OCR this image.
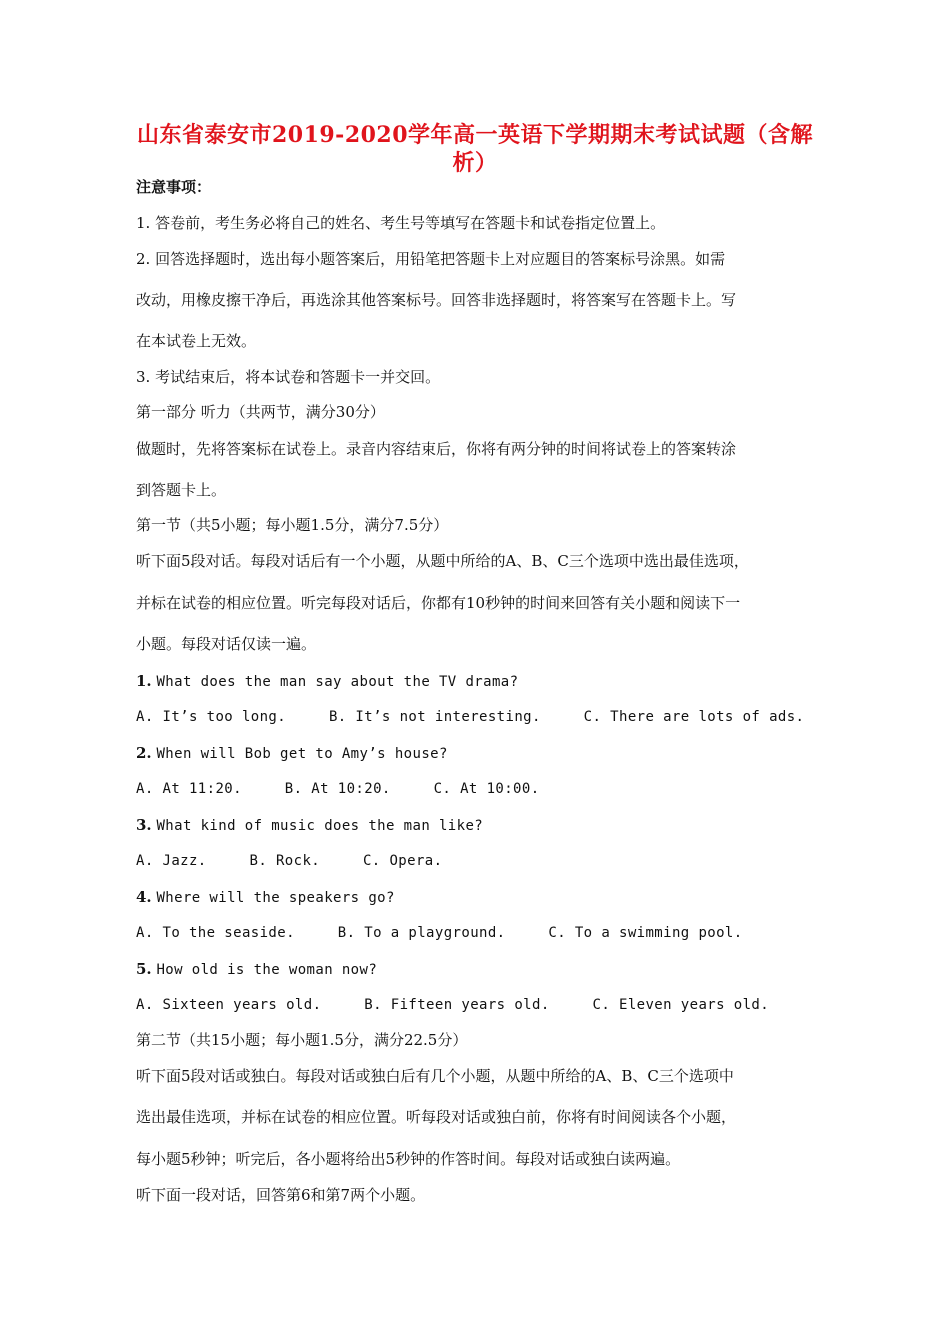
山东省泰安市2019-2020学年高一英语下学期期末考试试题（含解
析）
注意事项：
1. 答卷前，考生务必将自己的姓名、考生号等填写在答题卡和试卷指定位置上。
2. 回答选择题时，选出每小题答案后，用铅笔把答题卡上对应题目的答案标号涂黑。如需
改动，用橡皮擦干净后，再选涂其他答案标号。回答非选择题时，将答案写在答题卡上。写
在本试卷上无效。
3. 考试结束后，将本试卷和答题卡一并交回。
第一部分 听力（共两节，满分30分）
做题时，先将答案标在试卷上。录音内容结束后，你将有两分钟的时间将试卷上的答案转涂
到答题卡上。
第一节（共5小题；每小题1.5分，满分7.5分）
听下面5段对话。每段对话后有一个小题，从题中所给的A、B、C三个选项中选出最佳选项，
并标在试卷的相应位置。听完每段对话后，你都有10秒钟的时间来回答有关小题和阅读下一
小题。每段对话仅读一遍。
1. What does the man say about the TV drama?
A. It’s too long.	B. It’s not interesting.	C. There are lots of ads.
2. When will Bob get to Amy’s house?
A. At 11:20.	B. At 10:20.	C. At 10:00.
3. What kind of music does the man like?
A. Jazz.	B. Rock.	C. Opera.
4. Where will the speakers go?
A. To the seaside.	B. To a playground.	C. To a swimming pool.
5. How old is the woman now?
A. Sixteen years old.	B. Fifteen years old.	C. Eleven years old.
第二节（共15小题；每小题1.5分，满分22.5分）
听下面5段对话或独白。每段对话或独白后有几个小题，从题中所给的A、B、C三个选项中
选出最佳选项，并标在试卷的相应位置。听每段对话或独白前，你将有时间阅读各个小题，
每小题5秒钟；听完后，各小题将给出5秒钟的作答时间。每段对话或独白读两遍。
听下面一段对话，回答第6和第7两个小题。
